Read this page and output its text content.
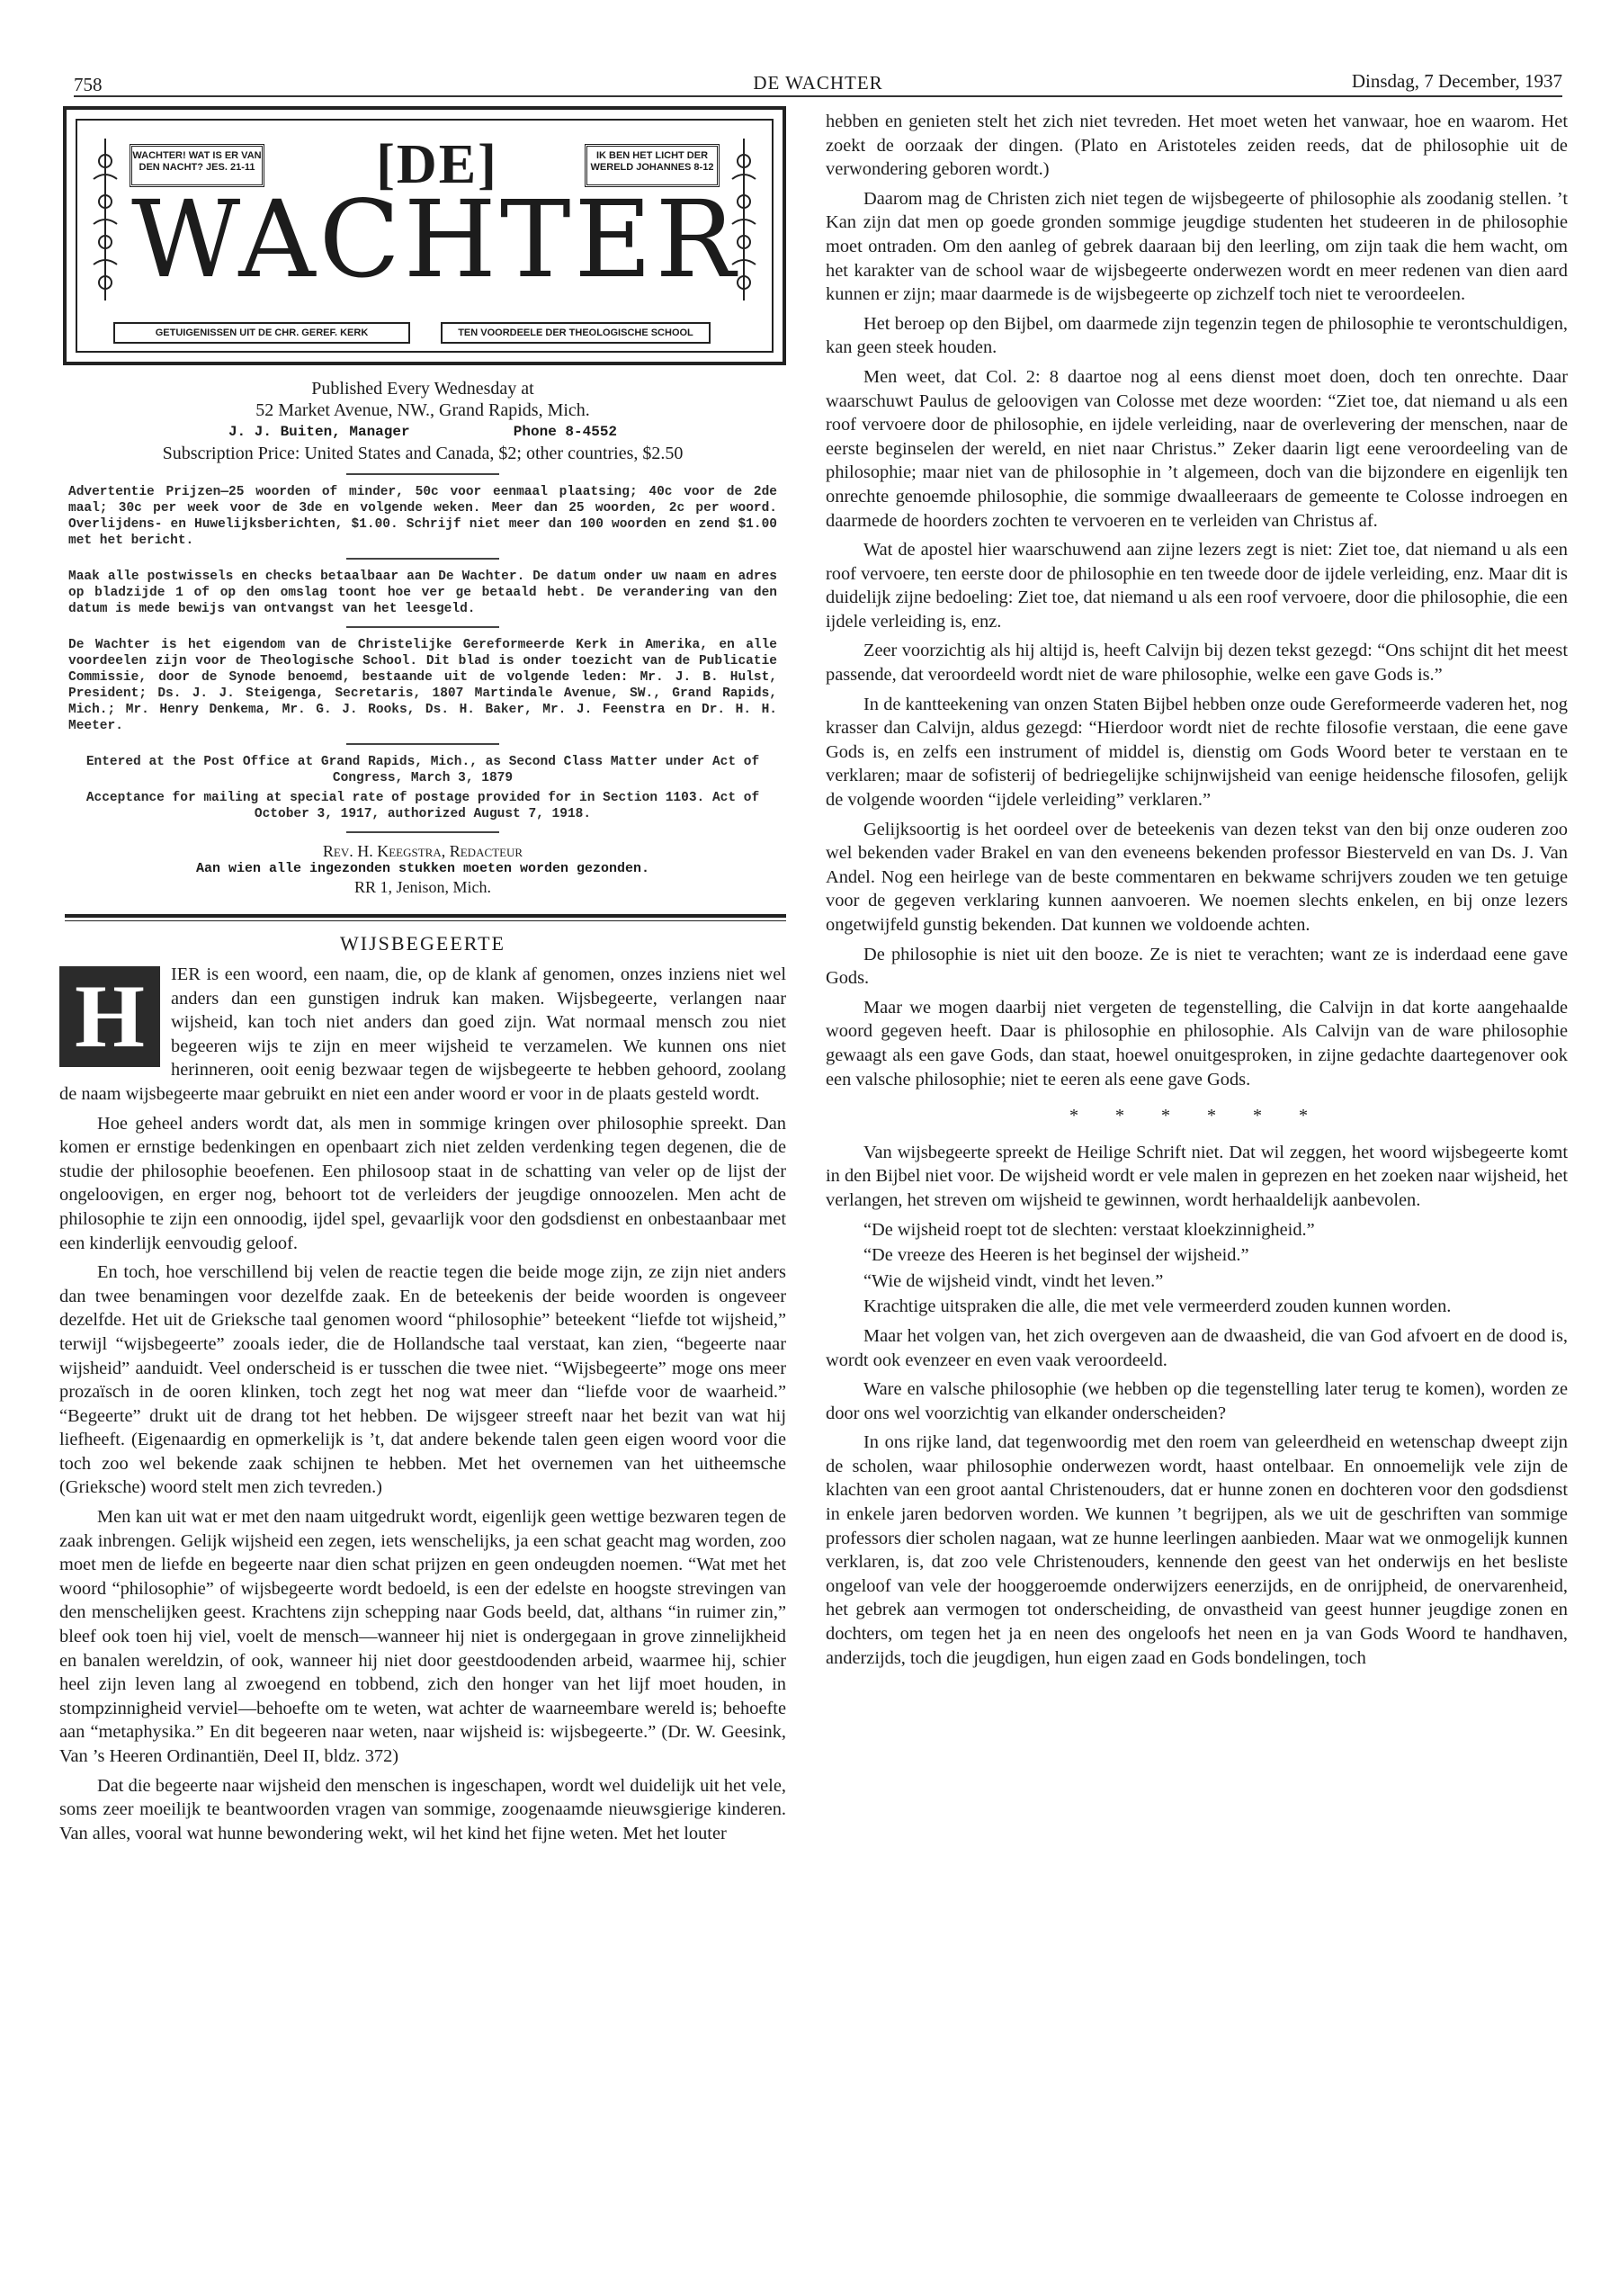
758	DE WACHTER	Dinsdag, 7 December, 1937
WACHTER! WAT IS ER VAN DEN NACHT? JES. 21-11
IK BEN HET LICHT DER WERELD JOHANNES 8-12
[DE]
WACHTER
GETUIGENISSEN UIT DE CHR. GEREF. KERK	TEN VOORDEELE DER THEOLOGISCHE SCHOOL
Published Every Wednesday at
52 Market Avenue, NW., Grand Rapids, Mich.
J. J. Buiten, Manager            Phone 8-4552
Subscription Price: United States and Canada, $2; other countries, $2.50
Advertentie Prijzen—25 woorden of minder, 50c voor eenmaal plaatsing; 40c voor de 2de maal; 30c per week voor de 3de en volgende weken. Meer dan 25 woorden, 2c per woord. Overlijdens- en Huwelijksberichten, $1.00. Schrijf niet meer dan 100 woorden en zend $1.00 met het bericht.
Maak alle postwissels en checks betaalbaar aan De Wachter. De datum onder uw naam en adres op bladzijde 1 of op den omslag toont hoe ver ge betaald hebt. De verandering van den datum is mede bewijs van ontvangst van het leesgeld.
De Wachter is het eigendom van de Christelijke Gereformeerde Kerk in Amerika, en alle voordeelen zijn voor de Theologische School. Dit blad is onder toezicht van de Publicatie Commissie, door de Synode benoemd, bestaande uit de volgende leden: Mr. J. B. Hulst, President; Ds. J. J. Steigenga, Secretaris, 1807 Martindale Avenue, SW., Grand Rapids, Mich.; Mr. Henry Denkema, Mr. G. J. Rooks, Ds. H. Baker, Mr. J. Feenstra en Dr. H. H. Meeter.
Entered at the Post Office at Grand Rapids, Mich., as Second Class Matter under Act of Congress, March 3, 1879
Acceptance for mailing at special rate of postage provided for in Section 1103. Act of October 3, 1917, authorized August 7, 1918.
Rev. H. Keegstra, Redacteur
Aan wien alle ingezonden stukken moeten worden gezonden.
RR 1, Jenison, Mich.
WIJSBEGEERTE

H	IER is een woord, een naam, die, op de klank af genomen, onzes inziens niet wel anders dan een gunstigen indruk kan maken. Wijsbegeerte, verlangen naar wijsheid, kan toch niet anders dan goed zijn. Wat normaal mensch zou niet begeeren wijs te zijn en meer wijsheid te verzamelen. We kunnen ons niet herinneren, ooit eenig bezwaar tegen de wijsbegeerte te hebben gehoord, zoolang de naam wijsbegeerte maar gebruikt en niet een ander woord er voor in de plaats gesteld wordt.

Hoe geheel anders wordt dat, als men in sommige kringen over philosophie spreekt. Dan komen er ernstige bedenkingen en openbaart zich niet zelden verdenking tegen degenen, die de studie der philosophie beoefenen. Een philosoop staat in de schatting van veler op de lijst der ongeloovigen, en erger nog, behoort tot de verleiders der jeugdige onnoozelen. Men acht de philosophie te zijn een onnoodig, ijdel spel, gevaarlijk voor den godsdienst en onbestaanbaar met een kinderlijk eenvoudig geloof.

En toch, hoe verschillend bij velen de reactie tegen die beide moge zijn, ze zijn niet anders dan twee benamingen voor dezelfde zaak. En de beteekenis der beide woorden is ongeveer dezelfde. Het uit de Grieksche taal genomen woord “philosophie” beteekent “liefde tot wijsheid,” terwijl “wijsbegeerte” zooals ieder, die de Hollandsche taal verstaat, kan zien, “begeerte naar wijsheid” aanduidt. Veel onderscheid is er tusschen die twee niet. “Wijsbegeerte” moge ons meer prozaïsch in de ooren klinken, toch zegt het nog wat meer dan “liefde voor de waarheid.” “Begeerte” drukt uit de drang tot het hebben. De wijsgeer streeft naar het bezit van wat hij liefheeft. (Eigenaardig en opmerkelijk is ’t, dat andere bekende talen geen eigen woord voor die toch zoo wel bekende zaak schijnen te hebben. Met het overnemen van het uitheemsche (Grieksche) woord stelt men zich tevreden.)

Men kan uit wat er met den naam uitgedrukt wordt, eigenlijk geen wettige bezwaren tegen de zaak inbrengen. Gelijk wijsheid een zegen, iets wenschelijks, ja een schat geacht mag worden, zoo moet men de liefde en begeerte naar dien schat prijzen en geen ondeugden noemen. “Wat met het woord “philosophie” of wijsbegeerte wordt bedoeld, is een der edelste en hoogste strevingen van den menschelijken geest. Krachtens zijn schepping naar Gods beeld, dat, althans “in ruimer zin,” bleef ook toen hij viel, voelt de mensch—wanneer hij niet is ondergegaan in grove zinnelijkheid en banalen wereldzin, of ook, wanneer hij niet door geestdoodenden arbeid, waarmee hij, schier heel zijn leven lang al zwoegend en tobbend, zich den honger van het lijf moet houden, in stompzinnigheid verviel—behoefte om te weten, wat achter de waarneembare wereld is; behoefte aan “metaphysika.” En dit begeeren naar weten, naar wijsheid is: wijsbegeerte.” (Dr. W. Geesink, Van ’s Heeren Ordinantiën, Deel II, bldz. 372)

Dat die begeerte naar wijsheid den menschen is ingeschapen, wordt wel duidelijk uit het vele, soms zeer moeilijk te beantwoorden vragen van sommige, zoogenaamde nieuwsgierige kinderen. Van alles, vooral wat hunne bewondering wekt, wil het kind het fijne weten. Met het louter

hebben en genieten stelt het zich niet tevreden. Het moet weten het vanwaar, hoe en waarom. Het zoekt de oorzaak der dingen. (Plato en Aristoteles zeiden reeds, dat de philosophie uit de verwondering geboren wordt.)

Daarom mag de Christen zich niet tegen de wijsbegeerte of philosophie als zoodanig stellen. ’t Kan zijn dat men op goede gronden sommige jeugdige studenten het studeeren in de philosophie moet ontraden. Om den aanleg of gebrek daaraan bij den leerling, om zijn taak die hem wacht, om het karakter van de school waar de wijsbegeerte onderwezen wordt en meer redenen van dien aard kunnen er zijn; maar daarmede is de wijsbegeerte op zichzelf toch niet te veroordeelen.

Het beroep op den Bijbel, om daarmede zijn tegenzin tegen de philosophie te verontschuldigen, kan geen steek houden.

Men weet, dat Col. 2: 8 daartoe nog al eens dienst moet doen, doch ten onrechte. Daar waarschuwt Paulus de geloovigen van Colosse met deze woorden: “Ziet toe, dat niemand u als een roof vervoere door de philosophie, en ijdele verleiding, naar de overlevering der menschen, naar de eerste beginselen der wereld, en niet naar Christus.” Zeker daarin ligt eene veroordeeling van de philosophie; maar niet van de philosophie in ’t algemeen, doch van die bijzondere en eigenlijk ten onrechte genoemde philosophie, die sommige dwaalleeraars de gemeente te Colosse indroegen en daarmede de hoorders zochten te vervoeren en te verleiden van Christus af.

Wat de apostel hier waarschuwend aan zijne lezers zegt is niet: Ziet toe, dat niemand u als een roof vervoere, ten eerste door de philosophie en ten tweede door de ijdele verleiding, enz. Maar dit is duidelijk zijne bedoeling: Ziet toe, dat niemand u als een roof vervoere, door die philosophie, die een ijdele verleiding is, enz.

Zeer voorzichtig als hij altijd is, heeft Calvijn bij dezen tekst gezegd: “Ons schijnt dit het meest passende, dat veroordeeld wordt niet de ware philosophie, welke een gave Gods is.”

In de kantteekening van onzen Staten Bijbel hebben onze oude Gereformeerde vaderen het, nog krasser dan Calvijn, aldus gezegd: “Hierdoor wordt niet de rechte filosofie verstaan, die eene gave Gods is, en zelfs een instrument of middel is, dienstig om Gods Woord beter te verstaan en te verklaren; maar de sofisterij of bedriegelijke schijnwijsheid van eenige heidensche filosofen, gelijk de volgende woorden “ijdele verleiding” verklaren.”

Gelijksoortig is het oordeel over de beteekenis van dezen tekst van den bij onze ouderen zoo wel bekenden vader Brakel en van den eveneens bekenden professor Biesterveld en van Ds. J. Van Andel. Nog een heirlege van de beste commentaren en bekwame schrijvers zouden we ten getuige voor de gegeven verklaring kunnen aanvoeren. We noemen slechts enkelen, en bij onze lezers ongetwijfeld gunstig bekenden. Dat kunnen we voldoende achten.

De philosophie is niet uit den booze. Ze is niet te verachten; want ze is inderdaad eene gave Gods.

Maar we mogen daarbij niet vergeten de tegenstelling, die Calvijn in dat korte aangehaalde woord gegeven heeft. Daar is philosophie en philosophie. Als Calvijn van de ware philosophie gewaagt als een gave Gods, dan staat, hoewel onuitgesproken, in zijne gedachte daartegenover ook een valsche philosophie; niet te eeren als eene gave Gods.

* * * * * *

Van wijsbegeerte spreekt de Heilige Schrift niet. Dat wil zeggen, het woord wijsbegeerte komt in den Bijbel niet voor. De wijsheid wordt er vele malen in geprezen en het zoeken naar wijsheid, het verlangen, het streven om wijsheid te gewinnen, wordt herhaaldelijk aanbevolen.

“De wijsheid roept tot de slechten: verstaat kloekzinnigheid.”

“De vreeze des Heeren is het beginsel der wijsheid.”

“Wie de wijsheid vindt, vindt het leven.”

Krachtige uitspraken die alle, die met vele vermeerderd zouden kunnen worden.

Maar het volgen van, het zich overgeven aan de dwaasheid, die van God afvoert en de dood is, wordt ook evenzeer en even vaak veroordeeld.

Ware en valsche philosophie (we hebben op die tegenstelling later terug te komen), worden ze door ons wel voorzichtig van elkander onderscheiden?

In ons rijke land, dat tegenwoordig met den roem van geleerdheid en wetenschap dweept zijn de scholen, waar philosophie onderwezen wordt, haast ontelbaar. En onnoemelijk vele zijn de klachten van een groot aantal Christenouders, dat er hunne zonen en dochteren voor den godsdienst in enkele jaren bedorven worden. We kunnen ’t begrijpen, als we uit de geschriften van sommige professors dier scholen nagaan, wat ze hunne leerlingen aanbieden. Maar wat we onmogelijk kunnen verklaren, is, dat zoo vele Christenouders, kennende den geest van het onderwijs en het besliste ongeloof van vele der hooggeroemde onderwijzers eenerzijds, en de onrijpheid, de onervarenheid, het gebrek aan vermogen tot onderscheiding, de onvastheid van geest hunner jeugdige zonen en dochters, om tegen het ja en neen des ongeloofs het neen en ja van Gods Woord te handhaven, anderzijds, toch die jeugdigen, hun eigen zaad en Gods bondelingen, toch
